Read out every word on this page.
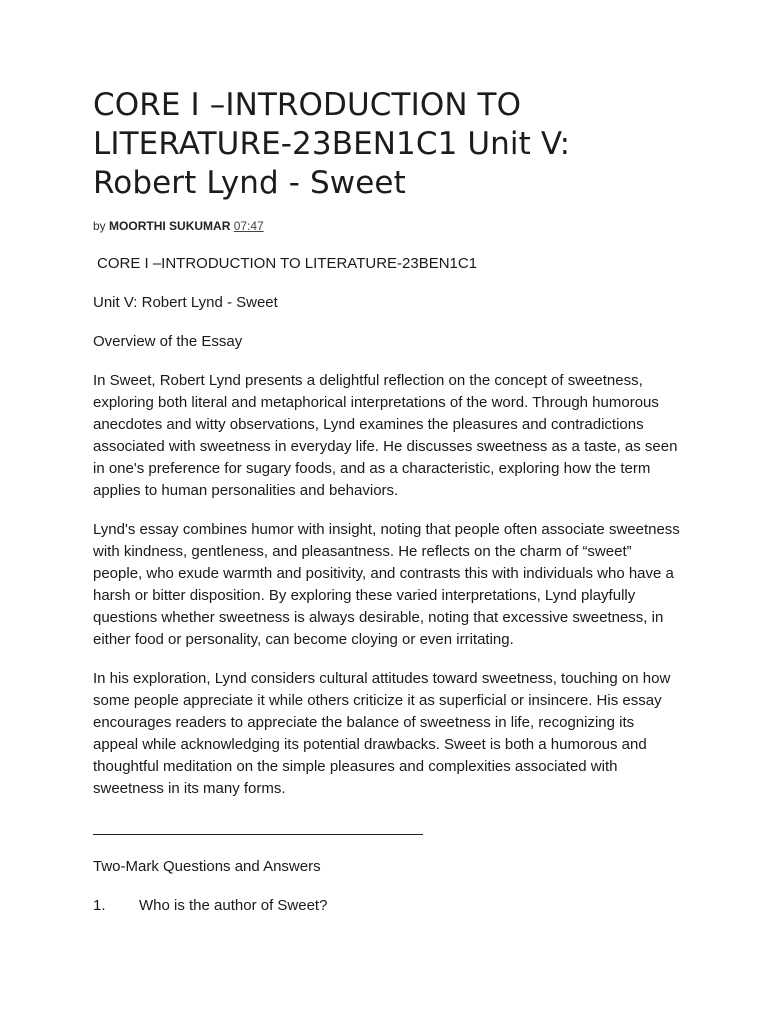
CORE I –INTRODUCTION TO LITERATURE-23BEN1C1 Unit V: Robert Lynd - Sweet
by MOORTHI SUKUMAR 07:47

CORE I –INTRODUCTION TO LITERATURE-23BEN1C1

Unit V: Robert Lynd - Sweet

Overview of the Essay

In Sweet, Robert Lynd presents a delightful reflection on the concept of sweetness, exploring both literal and metaphorical interpretations of the word. Through humorous anecdotes and witty observations, Lynd examines the pleasures and contradictions associated with sweetness in everyday life. He discusses sweetness as a taste, as seen in one's preference for sugary foods, and as a characteristic, exploring how the term applies to human personalities and behaviors.

Lynd's essay combines humor with insight, noting that people often associate sweetness with kindness, gentleness, and pleasantness. He reflects on the charm of “sweet” people, who exude warmth and positivity, and contrasts this with individuals who have a harsh or bitter disposition. By exploring these varied interpretations, Lynd playfully questions whether sweetness is always desirable, noting that excessive sweetness, in either food or personality, can become cloying or even irritating.

In his exploration, Lynd considers cultural attitudes toward sweetness, touching on how some people appreciate it while others criticize it as superficial or insincere. His essay encourages readers to appreciate the balance of sweetness in life, recognizing its appeal while acknowledging its potential drawbacks. Sweet is both a humorous and thoughtful meditation on the simple pleasures and complexities associated with sweetness in its many forms.

Two-Mark Questions and Answers

1.	Who is the author of Sweet?
